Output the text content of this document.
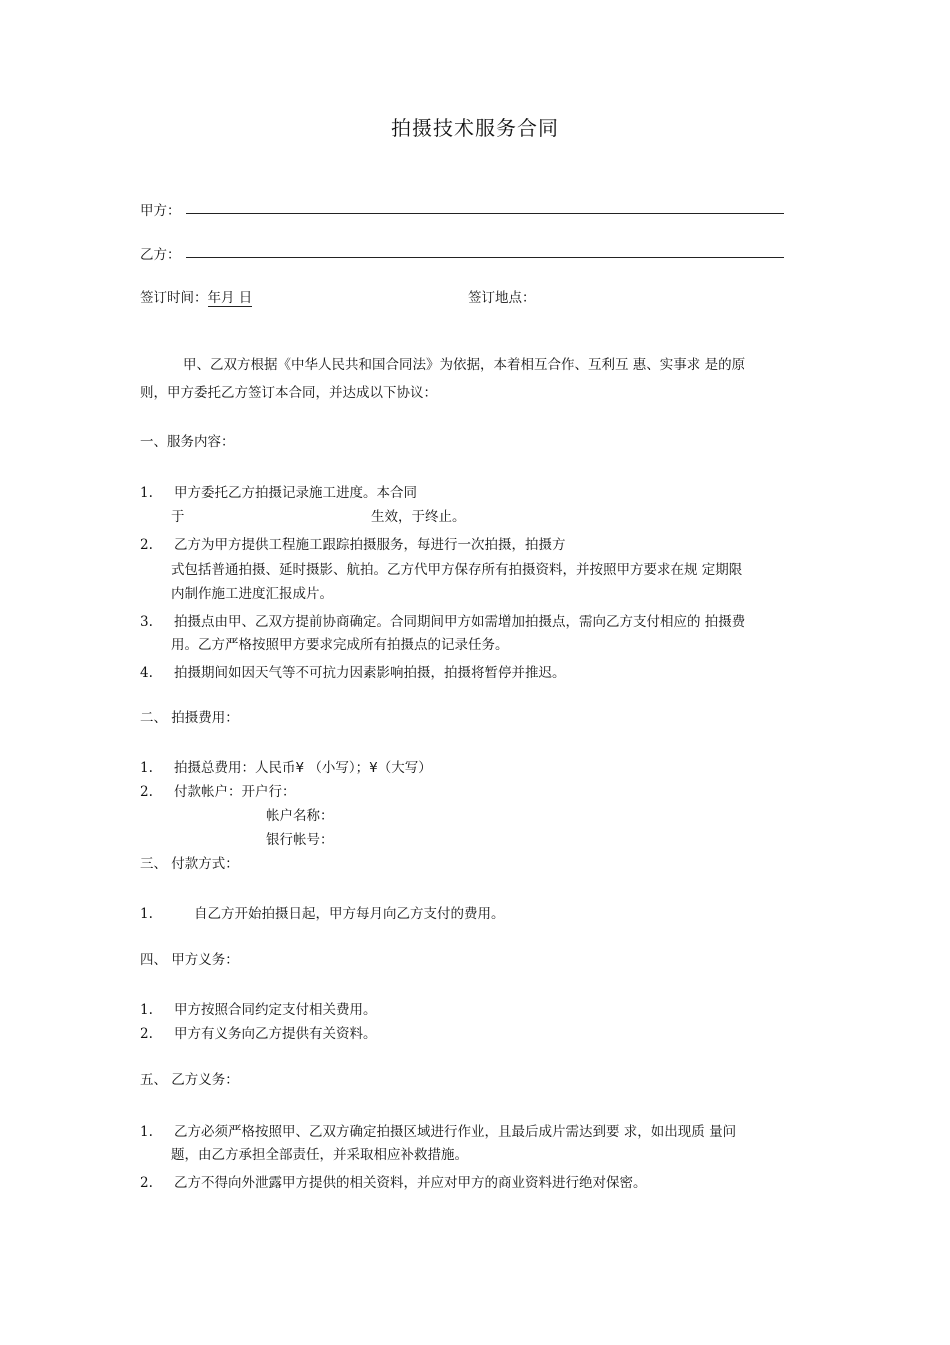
拍摄技术服务合同
甲方：
乙方：
签订时间：年月 日	签订地点：
甲、乙双方根据《中华人民共和国合同法》为依据，本着相互合作、互利互 惠、实事求 是的原
则，甲方委托乙方签订本合同，并达成以下协议：
一、服务内容：
1. 甲方委托乙方拍摄记录施工进度。本合同
于	生效，于终止。
2. 乙方为甲方提供工程施工跟踪拍摄服务，每进行一次拍摄，拍摄方
式包括普通拍摄、延时摄影、航拍。乙方代甲方保存所有拍摄资料，并按照甲方要求在规 定期限
内制作施工进度汇报成片。
3. 拍摄点由甲、乙双方提前协商确定。合同期间甲方如需增加拍摄点，需向乙方支付相应的 拍摄费
用。乙方严格按照甲方要求完成所有拍摄点的记录任务。
4. 拍摄期间如因天气等不可抗力因素影响拍摄，拍摄将暂停并推迟。
二、 拍摄费用：
1. 拍摄总费用：人民币¥ （小写）；¥（大写）
2. 付款帐户：开户行：
帐户名称：
银行帐号：
三、 付款方式：
1.	自乙方开始拍摄日起，甲方每月向乙方支付的费用。
四、 甲方义务：
1. 甲方按照合同约定支付相关费用。
2. 甲方有义务向乙方提供有关资料。
五、 乙方义务：
1. 乙方必须严格按照甲、乙双方确定拍摄区域进行作业，且最后成片需达到要 求，如出现质 量问
题，由乙方承担全部责任，并采取相应补救措施。
2. 乙方不得向外泄露甲方提供的相关资料，并应对甲方的商业资料进行绝对保密。
